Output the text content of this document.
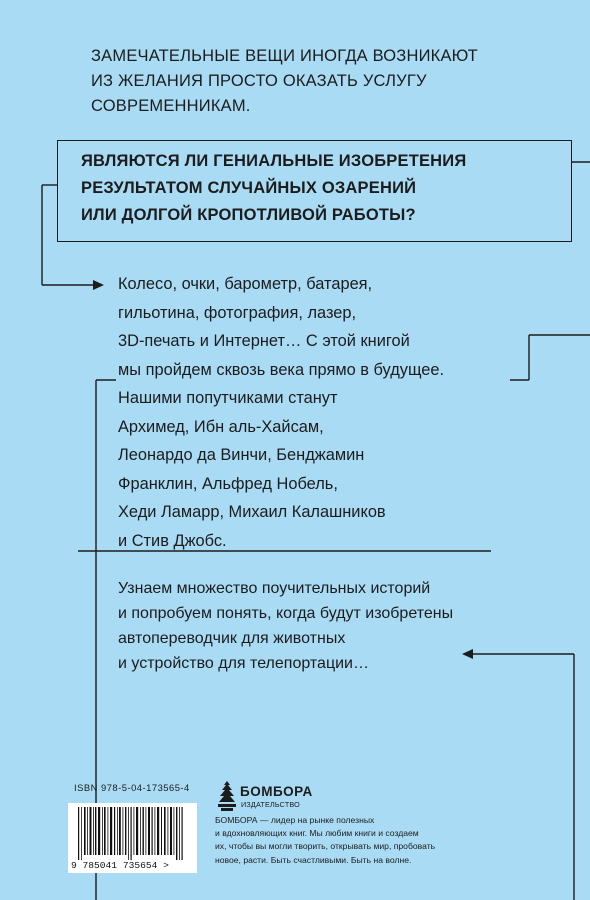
ЗАМЕЧАТЕЛЬНЫЕ ВЕЩИ ИНОГДА ВОЗНИКАЮТ
ИЗ ЖЕЛАНИЯ ПРОСТО ОКАЗАТЬ УСЛУГУ
СОВРЕМЕННИКАМ.
ЯВЛЯЮТСЯ ЛИ ГЕНИАЛЬНЫЕ ИЗОБРЕТЕНИЯ
РЕЗУЛЬТАТОМ СЛУЧАЙНЫХ ОЗАРЕНИЙ
ИЛИ ДОЛГОЙ КРОПОТЛИВОЙ РАБОТЫ?

Колесо, очки, барометр, батарея,

гильотина, фотография, лазер,

3D-печать и Интернет… С этой книгой

мы пройдем сквозь века прямо в будущее.

Нашими попутчиками станут

Архимед, Ибн аль-Хайсам,

Леонардо да Винчи, Бенджамин

Франклин, Альфред Нобель,

Хеди Ламарр, Михаил Калашников

и Стив Джобс.

Узнаем множество поучительных историй

и попробуем понять, когда будут изобретены

автопереводчик для животных

и устройство для телепортации…

ISBN 978-5-04-173565-4
9 785041 735654 >
БОМБОРА
ИЗДАТЕЛЬСТВО

БОМБОРА — лидер на рынке полезных

и вдохновляющих книг. Мы любим книги и создаем

их, чтобы вы могли творить, открывать мир, пробовать

новое, расти. Быть счастливыми. Быть на волне.
